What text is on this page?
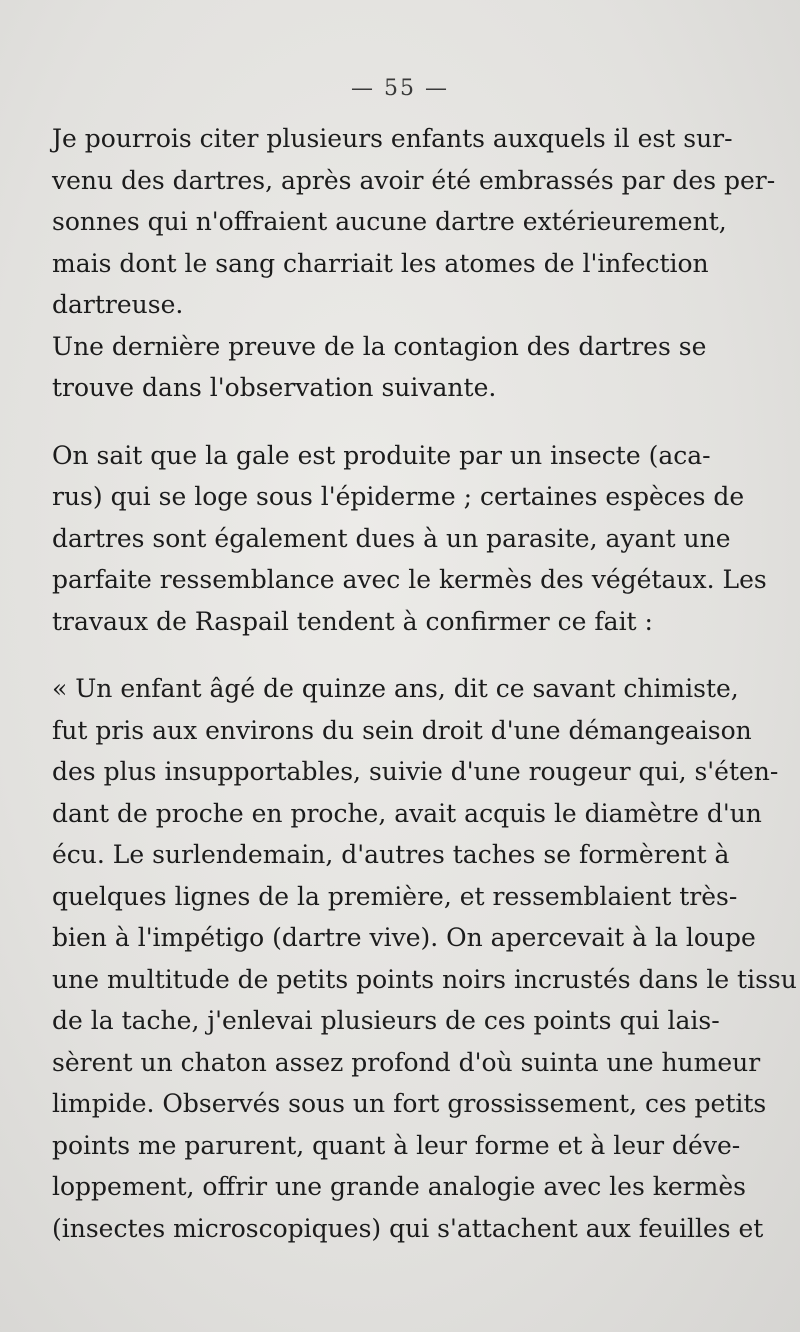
— 55 —

Je pourrois citer plusieurs enfants auxquels il est sur-
venu des dartres, après avoir été embrassés par des per-
sonnes qui n'offraient aucune dartre extérieurement,
mais dont le sang charriait les atomes de l'infection
dartreuse.

Une dernière preuve de la contagion des dartres se
trouve dans l'observation suivante.

On sait que la gale est produite par un insecte (aca-
rus) qui se loge sous l'épiderme ; certaines espèces de
dartres sont également dues à un parasite, ayant une
parfaite ressemblance avec le kermès des végétaux. Les
travaux de Raspail tendent à confirmer ce fait :

« Un enfant âgé de quinze ans, dit ce savant chimiste,
fut pris aux environs du sein droit d'une démangeaison
des plus insupportables, suivie d'une rougeur qui, s'éten-
dant de proche en proche, avait acquis le diamètre d'un
écu. Le surlendemain, d'autres taches se formèrent à
quelques lignes de la première, et ressemblaient très-
bien à l'impétigo (dartre vive). On apercevait à la loupe
une multitude de petits points noirs incrustés dans le tissu
de la tache, j'enlevai plusieurs de ces points qui lais-
sèrent un chaton assez profond d'où suinta une humeur
limpide. Observés sous un fort grossissement, ces petits
points me parurent, quant à leur forme et à leur déve-
loppement, offrir une grande analogie avec les kermès
(insectes microscopiques) qui s'attachent aux feuilles et
